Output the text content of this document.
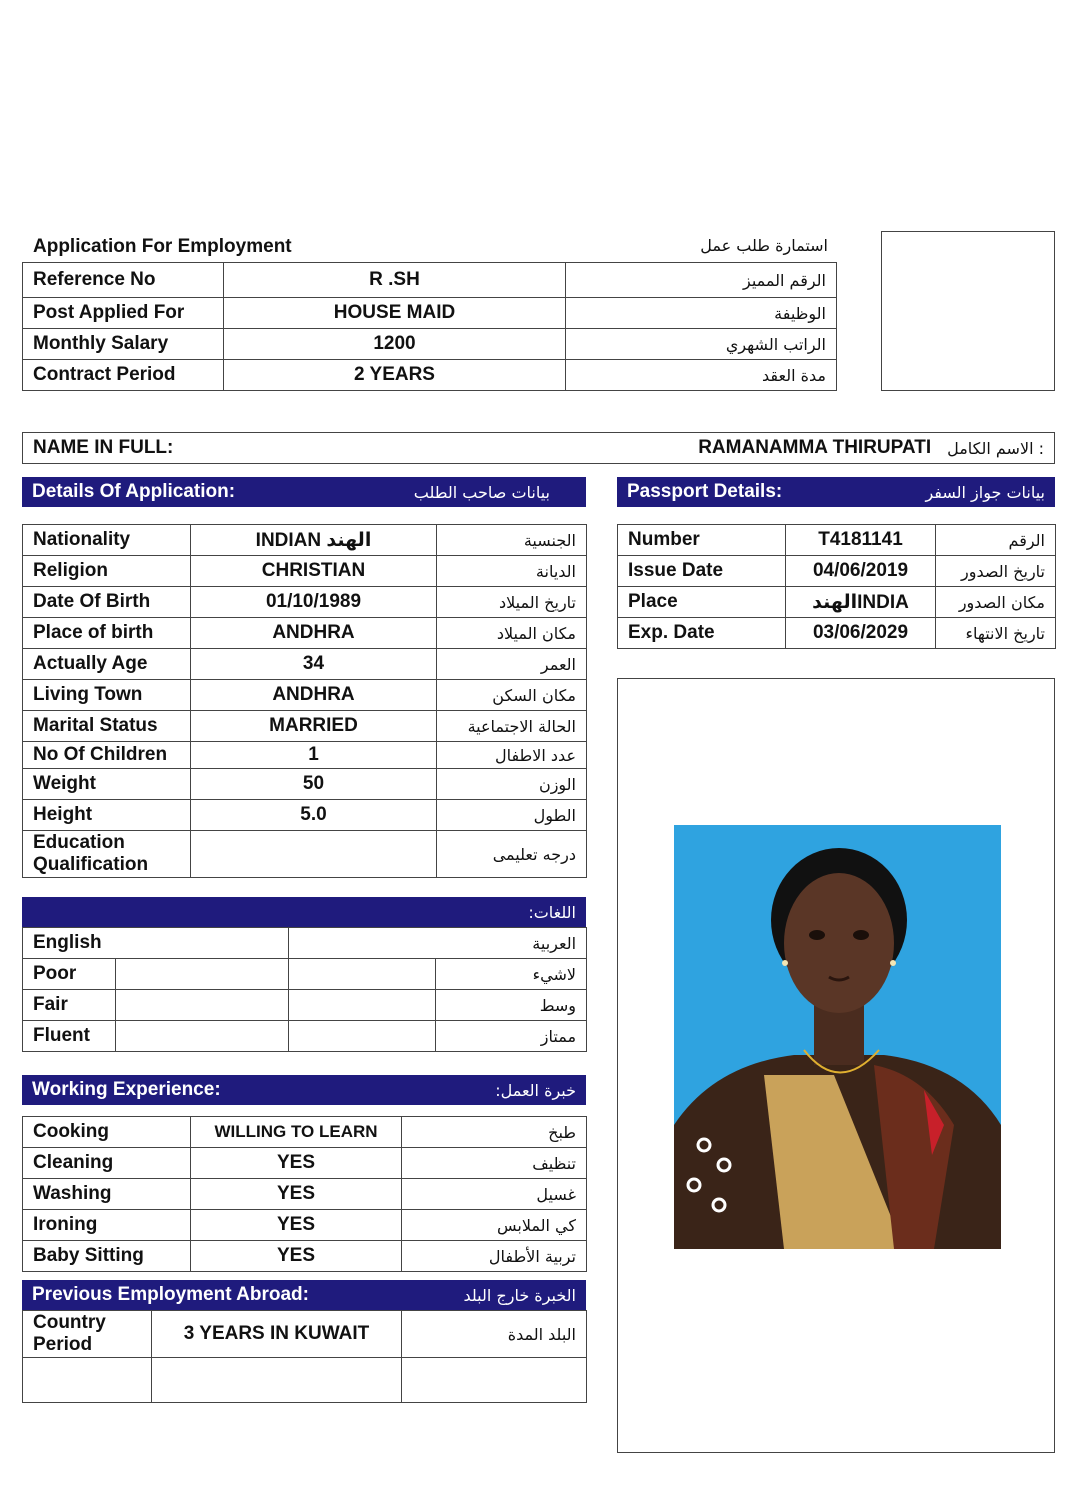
Application For Employment	استمارة طلب عمل
Reference No	R .SH	الرقم المميز
Post Applied For	HOUSE MAID	الوظيفة
Monthly Salary	1200	الراتب الشهري
Contract Period	2 YEARS	مدة العقد
NAME IN FULL:	RAMANAMMA THIRUPATI : الاسم الكامل
Details Of Application:	بيانات صاحب الطلب	Passport Details:	بيانات جواز السفر
Nationality	INDIAN الهند	الجنسية
Religion	CHRISTIAN	الديانة
Date Of Birth	01/10/1989	تاريخ الميلاد
Place of birth	ANDHRA	مكان الميلاد
Actually Age	34	العمر
Living Town	ANDHRA	مكان السكن
Marital Status	MARRIED	الحالة الاجتماعية
No Of Children	1	عدد الاطفال
Weight	50	الوزن
Height	5.0	الطول
Education Qualification		درجه تعليمى
Number	T4181141	الرقم
Issue Date	04/06/2019	تاريخ الصدور
Place	الهندINDIA	مكان الصدور
Exp. Date	03/06/2029	تاريخ الانتهاء
اللغات:
English		العربية	
Poor			لاشيء
Fair			وسط
Fluent			ممتاز
Working Experience:	خبرة العمل:
Cooking	WILLING TO LEARN	طبخ
Cleaning	YES	تنظيف
Washing	YES	غسيل
Ironing	YES	كي الملابس
Baby Sitting	YES	تربية الأطفال
Previous Employment Abroad:	الخبرة خارج البلد
Country Period	3 YEARS IN KUWAIT	البلد المدة
